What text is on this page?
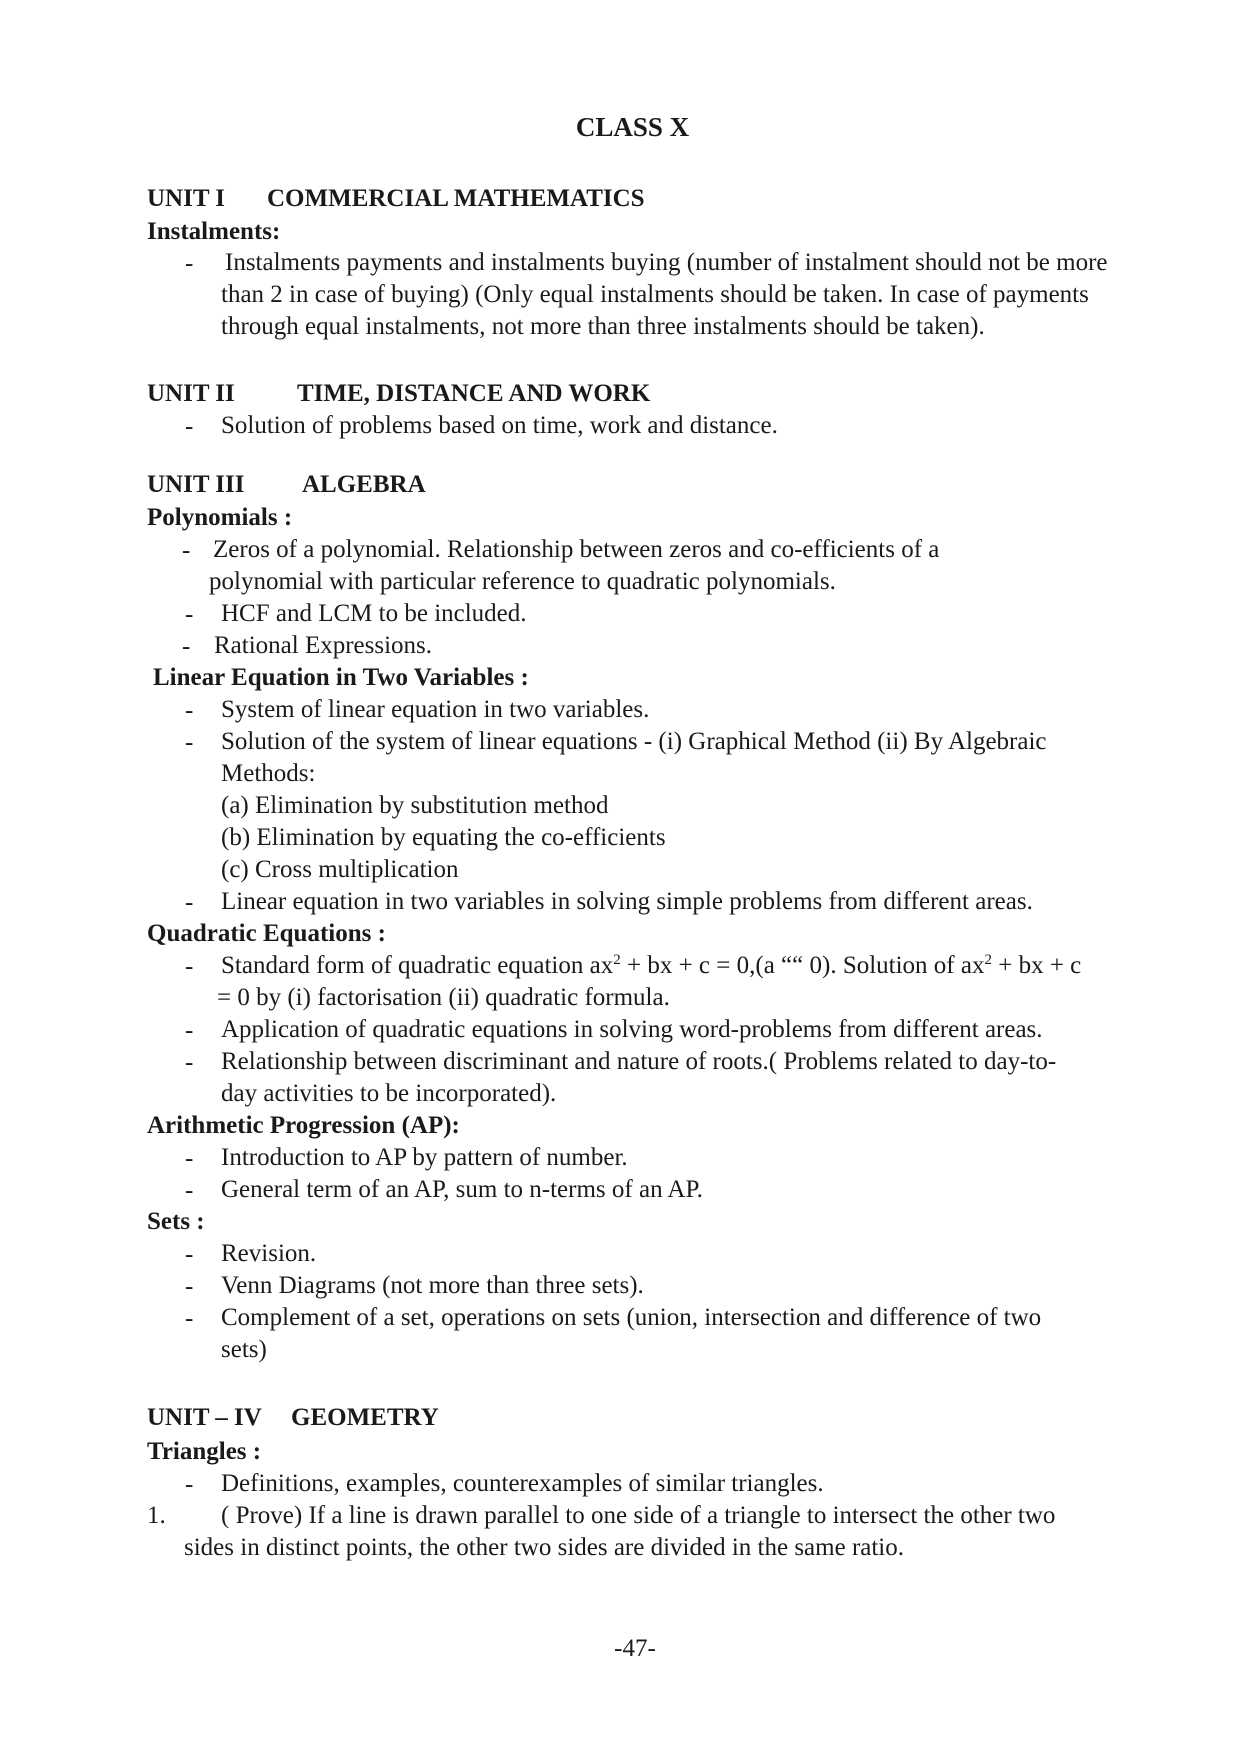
CLASS X
UNIT I COMMERCIAL MATHEMATICS
Instalments:
- Instalments payments and instalments buying (number of instalment should not be more
than 2 in case of buying) (Only equal instalments should be taken. In case of payments
through equal instalments, not more than three instalments should be taken).
UNIT II TIME, DISTANCE AND WORK
- Solution of problems based on time, work and distance.
UNIT III ALGEBRA
Polynomials :
- Zeros of a polynomial. Relationship between zeros and co-efficients of a
polynomial with particular reference to quadratic polynomials.
- HCF and LCM to be included.
- Rational Expressions.
Linear Equation in Two Variables :
- System of linear equation in two variables.
- Solution of the system of linear equations - (i) Graphical Method (ii) By Algebraic
Methods:
(a) Elimination by substitution method
(b) Elimination by equating the co-efficients
(c) Cross multiplication
- Linear equation in two variables in solving simple problems from different areas.
Quadratic Equations :
- Standard form of quadratic equation $ax^2$ + bx + c = 0,(a ““ 0). Solution of $ax^2$ + bx + c
= 0 by (i) factorisation (ii) quadratic formula.
- Application of quadratic equations in solving word-problems from different areas.
- Relationship between discriminant and nature of roots.( Problems related to day-to-
day activities to be incorporated).
Arithmetic Progression (AP):
- Introduction to AP by pattern of number.
- General term of an AP, sum to n-terms of an AP.
Sets :
- Revision.
- Venn Diagrams (not more than three sets).
- Complement of a set, operations on sets (union, intersection and difference of two
sets)
UNIT – IV GEOMETRY
Triangles :
- Definitions, examples, counterexamples of similar triangles.
1. ( Prove) If a line is drawn parallel to one side of a triangle to intersect the other two
sides in distinct points, the other two sides are divided in the same ratio.
-47-
